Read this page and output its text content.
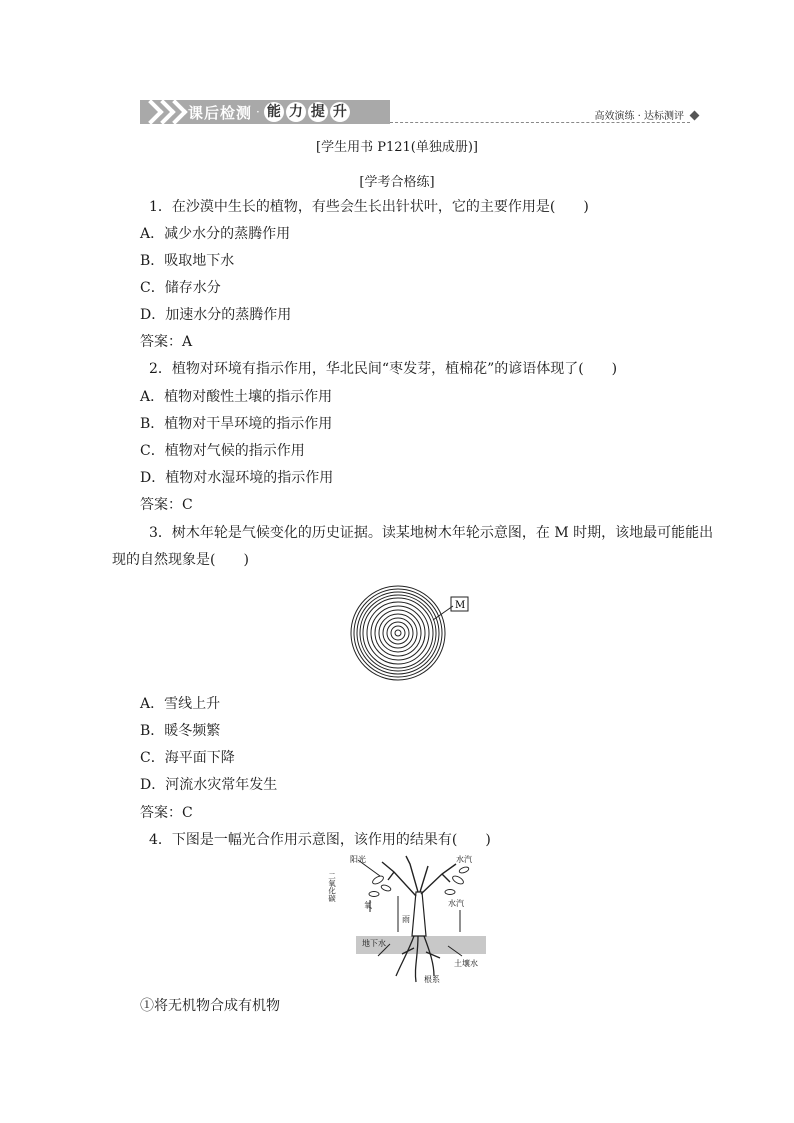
课后检测 · 能 力 提 升	高效演练 · 达标测评
[学生用书 P121(单独成册)]
[学考合格练]
1．在沙漠中生长的植物，有些会生长出针状叶，它的主要作用是(　　)
A．减少水分的蒸腾作用
B．吸取地下水
C．储存水分
D．加速水分的蒸腾作用
答案：A
2．植物对环境有指示作用，华北民间“枣发芽，植棉花”的谚语体现了(　　)
A．植物对酸性土壤的指示作用
B．植物对干旱环境的指示作用
C．植物对气候的指示作用
D．植物对水湿环境的指示作用
答案：C
3．树木年轮是气候变化的历史证据。读某地树木年轮示意图，在 M 时期，该地最可能能出
现的自然现象是(　　)
M
A．雪线上升
B．暖冬频繁
C．海平面下降
D．河流水灾常年发生
答案：C
4．下图是一幅光合作用示意图，该作用的结果有(　　)
阳光
二氧化碳
氧
雨
水汽
水汽
地下水
土壤水
根系
①将无机物合成有机物
